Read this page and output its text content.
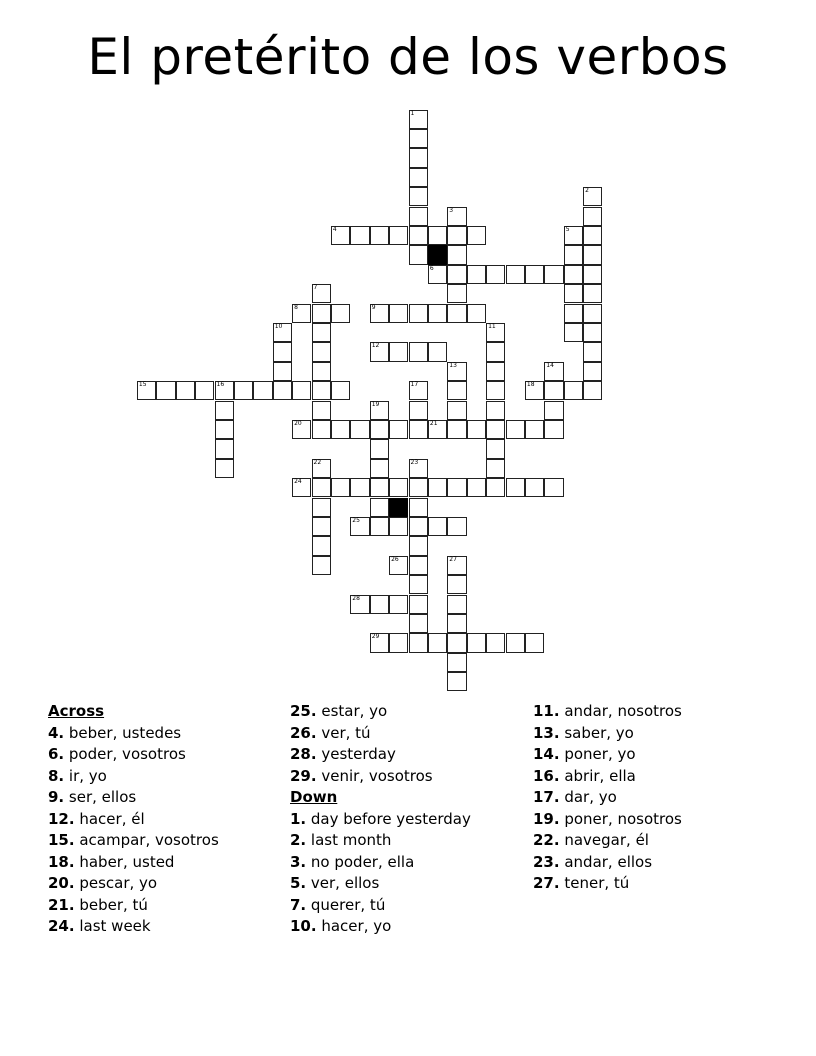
El pretérito de los verbos
1
2
3
4	5
6
7
8	9
10	11
12
13	14
15	16	17	18
19
20	21
22	23
24
25
26	27
28
29
Across
4. beber, ustedes
6. poder, vosotros
8. ir, yo
9. ser, ellos
12. hacer, él
15. acampar, vosotros
18. haber, usted
20. pescar, yo
21. beber, tú
24. last week
25. estar, yo
26. ver, tú
28. yesterday
29. venir, vosotros
Down
1. day before yesterday
2. last month
3. no poder, ella
5. ver, ellos
7. querer, tú
10. hacer, yo
11. andar, nosotros
13. saber, yo
14. poner, yo
16. abrir, ella
17. dar, yo
19. poner, nosotros
22. navegar, él
23. andar, ellos
27. tener, tú
